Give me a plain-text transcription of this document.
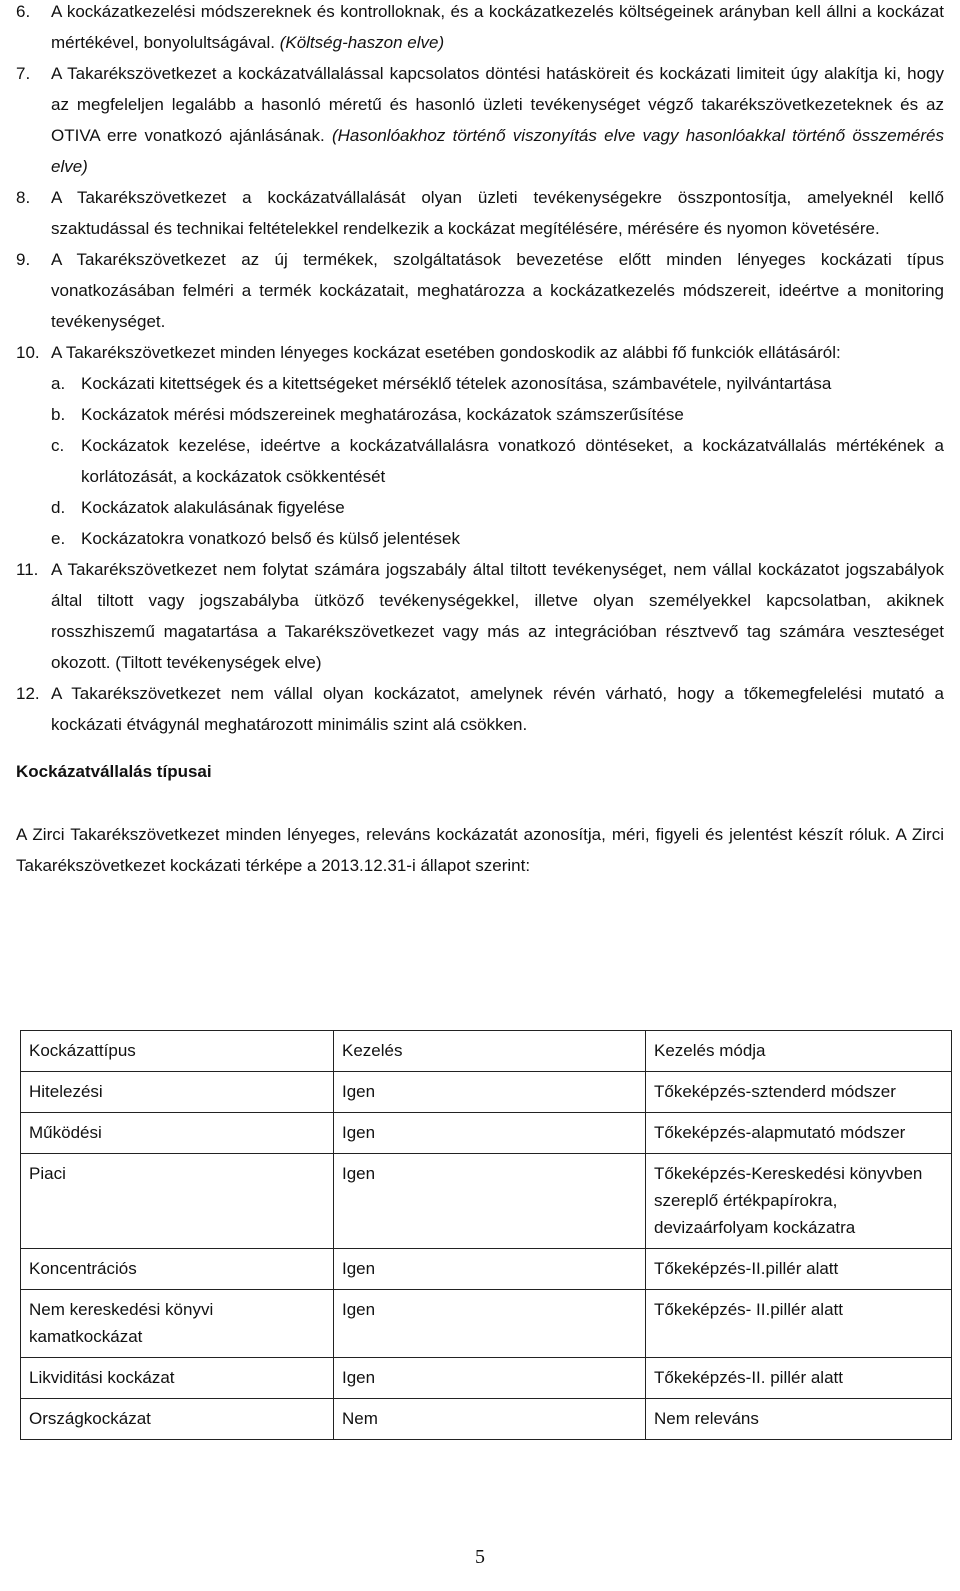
6. A kockázatkezelési módszereknek és kontrolloknak, és a kockázatkezelés költségeinek arányban kell állni a kockázat mértékével, bonyolultságával. (Költség-haszon elve)
7. A Takarékszövetkezet a kockázatvállalással kapcsolatos döntési hatásköreit és kockázati limiteit úgy alakítja ki, hogy az megfeleljen legalább a hasonló méretű és hasonló üzleti tevékenységet végző takarékszövetkezeteknek és az OTIVA erre vonatkozó ajánlásának. (Hasonlóakhoz történő viszonyítás elve vagy hasonlóakkal történő összemérés elve)
8. A Takarékszövetkezet a kockázatvállalását olyan üzleti tevékenységekre összpontosítja, amelyeknél kellő szaktudással és technikai feltételekkel rendelkezik a kockázat megítélésére, mérésére és nyomon követésére.
9. A Takarékszövetkezet az új termékek, szolgáltatások bevezetése előtt minden lényeges kockázati típus vonatkozásában felméri a termék kockázatait, meghatározza a kockázatkezelés módszereit, ideértve a monitoring tevékenységet.
10. A Takarékszövetkezet minden lényeges kockázat esetében gondoskodik az alábbi fő funkciók ellátásáról:
a. Kockázati kitettségek és a kitettségeket mérséklő tételek azonosítása, számbavétele, nyilvántartása
b. Kockázatok mérési módszereinek meghatározása, kockázatok számszerűsítése
c. Kockázatok kezelése, ideértve a kockázatvállalásra vonatkozó döntéseket, a kockázatvállalás mértékének a korlátozását, a kockázatok csökkentését
d. Kockázatok alakulásának figyelése
e. Kockázatokra vonatkozó belső és külső jelentések
11. A Takarékszövetkezet nem folytat számára jogszabály által tiltott tevékenységet, nem vállal kockázatot jogszabályok által tiltott vagy jogszabályba ütköző tevékenységekkel, illetve olyan személyekkel kapcsolatban, akiknek rosszhiszemű magatartása a Takarékszövetkezet vagy más az integrációban résztvevő tag számára veszteséget okozott. (Tiltott tevékenységek elve)
12. A Takarékszövetkezet nem vállal olyan kockázatot, amelynek révén várható, hogy a tőkemegfelelési mutató a kockázati étvágynál meghatározott minimális szint alá csökken.
Kockázatvállalás típusai
A Zirci Takarékszövetkezet minden lényeges, releváns kockázatát azonosítja, méri, figyeli és jelentést készít róluk. A Zirci Takarékszövetkezet kockázati térképe a 2013.12.31-i állapot szerint:
Kockázattípus	Kezelés	Kezelés módja
Hitelezési	Igen	Tőkeképzés-sztenderd módszer
Működési	Igen	Tőkeképzés-alapmutató módszer
Piaci	Igen	Tőkeképzés-Kereskedési könyvben szereplő értékpapírokra, devizaárfolyam kockázatra
Koncentrációs	Igen	Tőkeképzés-II.pillér alatt
Nem kereskedési könyvi kamatkockázat	Igen	Tőkeképzés- II.pillér alatt
Likviditási kockázat	Igen	Tőkeképzés-II. pillér alatt
Országkockázat	Nem	Nem releváns
5
